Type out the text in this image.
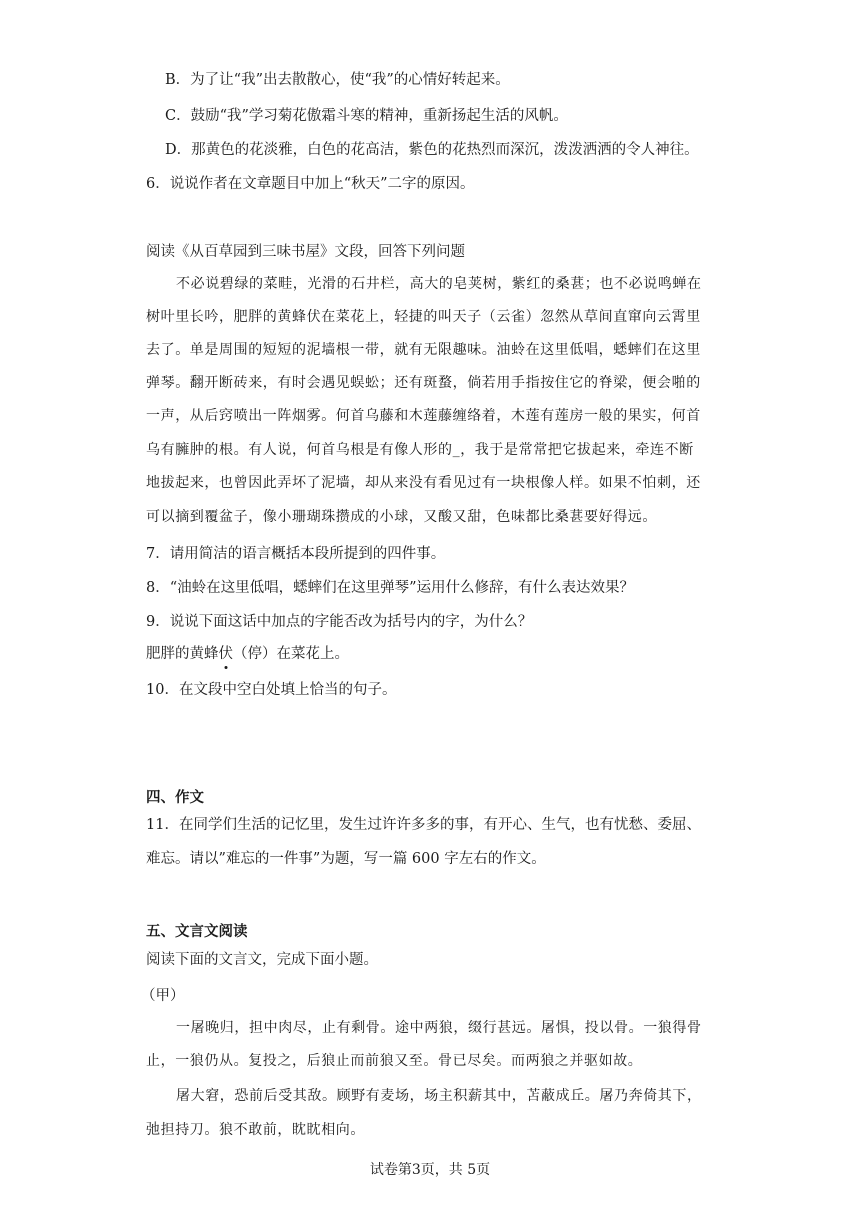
B．为了让“我”出去散散心，使“我”的心情好转起来。
C．鼓励“我”学习菊花傲霜斗寒的精神，重新扬起生活的风帆。
D．那黄色的花淡雅，白色的花高洁，紫色的花热烈而深沉，泼泼洒洒的令人神往。
6．说说作者在文章题目中加上“秋天”二字的原因。
阅读《从百草园到三味书屋》文段，回答下列问题
不必说碧绿的菜畦，光滑的石井栏，高大的皂荚树，紫红的桑葚；也不必说鸣蝉在
树叶里长吟，肥胖的黄蜂伏在菜花上，轻捷的叫天子（云雀）忽然从草间直窜向云霄里
去了。单是周围的短短的泥墙根一带，就有无限趣味。油蛉在这里低唱，蟋蟀们在这里
弹琴。翻开断砖来，有时会遇见蜈蚣；还有斑蝥，倘若用手指按住它的脊梁，便会啪的
一声，从后窍喷出一阵烟雾。何首乌藤和木莲藤缠络着，木莲有莲房一般的果实，何首
乌有臃肿的根。有人说，何首乌根是有像人形的_，我于是常常把它拔起来，牵连不断
地拔起来，也曾因此弄坏了泥墙，却从来没有看见过有一块根像人样。如果不怕刺，还
可以摘到覆盆子，像小珊瑚珠攒成的小球，又酸又甜，色味都比桑葚要好得远。
7．请用简洁的语言概括本段所提到的四件事。
8．“油蛉在这里低唱，蟋蟀们在这里弹琴”运用什么修辞，有什么表达效果？
9．说说下面这话中加点的字能否改为括号内的字，为什么？
肥胖的黄蜂伏（停）在菜花上。
10．在文段中空白处填上恰当的句子。
四、作文
11．在同学们生活的记忆里，发生过许许多多的事，有开心、生气，也有忧愁、委屈、
难忘。请以”难忘的一件事”为题，写一篇 600 字左右的作文。
五、文言文阅读
阅读下面的文言文，完成下面小题。
（甲）
一屠晚归，担中肉尽，止有剩骨。途中两狼，缀行甚远。屠惧，投以骨。一狼得骨
止，一狼仍从。复投之，后狼止而前狼又至。骨已尽矣。而两狼之并驱如故。
屠大窘，恐前后受其敌。顾野有麦场，场主积薪其中，苫蔽成丘。屠乃奔倚其下，
弛担持刀。狼不敢前，眈眈相向。
试卷第3页，共 5页
